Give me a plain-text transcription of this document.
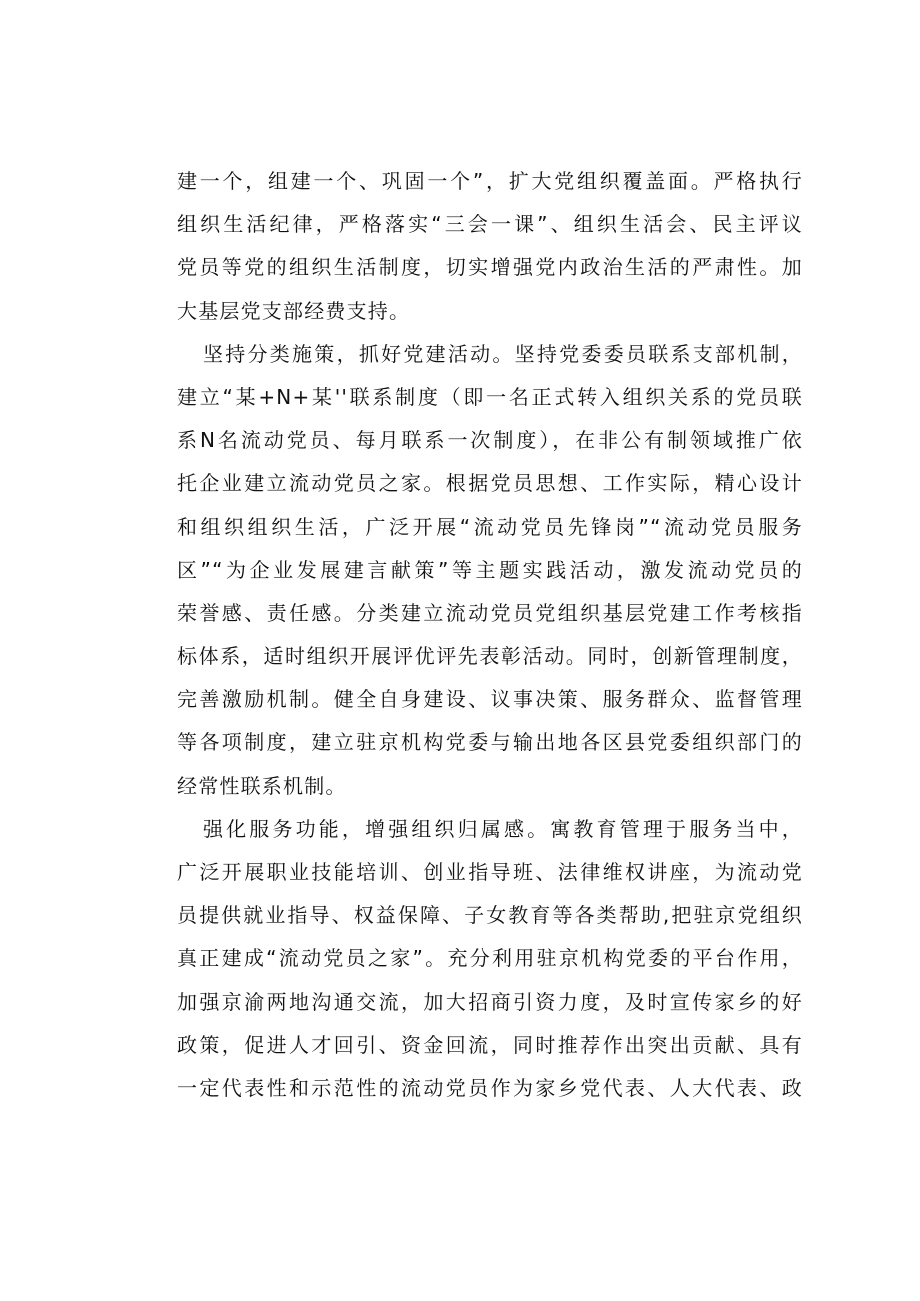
建一个，组建一个、巩固一个”，扩大党组织覆盖面。严格执行
组织生活纪律，严格落实“三会一课”、组织生活会、民主评议
党员等党的组织生活制度，切实增强党内政治生活的严肃性。加
大基层党支部经费支持。
坚持分类施策，抓好党建活动。坚持党委委员联系支部机制，
建立“某+N+某''联系制度（即一名正式转入组织关系的党员联
系N名流动党员、每月联系一次制度），在非公有制领域推广依
托企业建立流动党员之家。根据党员思想、工作实际，精心设计
和组织组织生活，广泛开展“流动党员先锋岗”“流动党员服务
区”“为企业发展建言献策”等主题实践活动，激发流动党员的
荣誉感、责任感。分类建立流动党员党组织基层党建工作考核指
标体系，适时组织开展评优评先表彰活动。同时，创新管理制度，
完善激励机制。健全自身建设、议事决策、服务群众、监督管理
等各项制度，建立驻京机构党委与输出地各区县党委组织部门的
经常性联系机制。
强化服务功能，增强组织归属感。寓教育管理于服务当中，
广泛开展职业技能培训、创业指导班、法律维权讲座，为流动党
员提供就业指导、权益保障、子女教育等各类帮助,把驻京党组织
真正建成“流动党员之家”。充分利用驻京机构党委的平台作用，
加强京渝两地沟通交流，加大招商引资力度，及时宣传家乡的好
政策，促进人才回引、资金回流，同时推荐作出突出贡献、具有
一定代表性和示范性的流动党员作为家乡党代表、人大代表、政
